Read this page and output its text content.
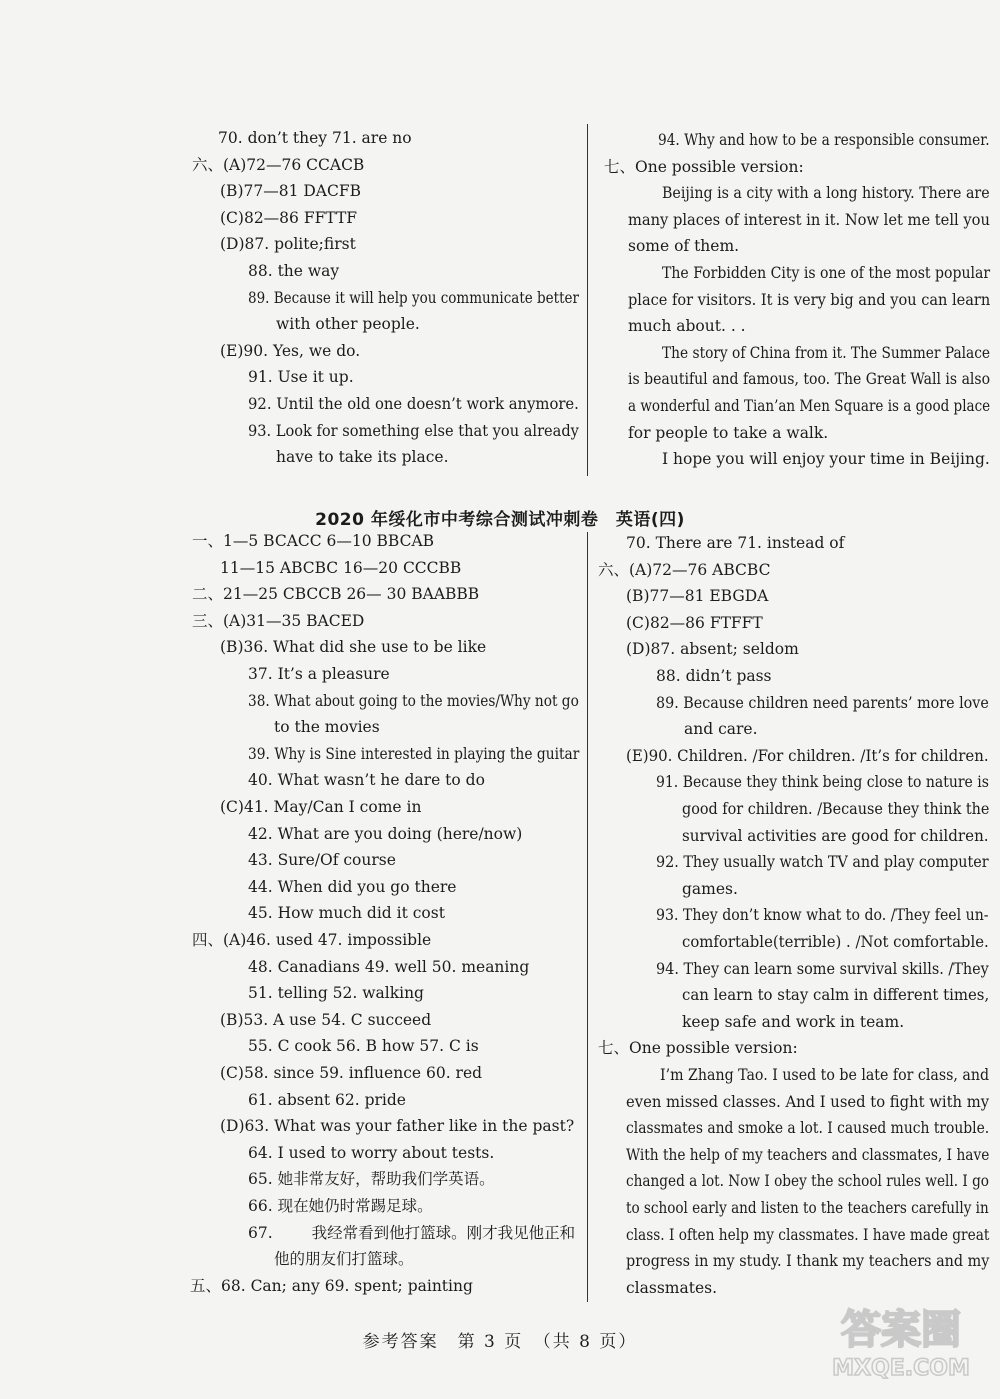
70. don’t they 71. are no
六、(A)72—76 CCACB
(B)77—81 DACFB
(C)82—86 FFTTF
(D)87. polite;first
88. the way
89. Because it will help you communicate better
with other people.
(E)90. Yes, we do.
91. Use it up.
92. Until the old one doesn’t work anymore.
93. Look for something else that you already
have to take its place.
94. Why and how to be a responsible consumer.
七、One possible version:
Beijing is a city with a long history. There are
many places of interest in it. Now let me tell you
some of them.
The Forbidden City is one of the most popular
place for visitors. It is very big and you can learn
much about. . .
The story of China from it. The Summer Palace
is beautiful and famous, too. The Great Wall is also
a wonderful and Tian’an Men Square is a good place
for people to take a walk.
I hope you will enjoy your time in Beijing.
2020 年绥化市中考综合测试冲刺卷　英语(四)
一、1—5 BCACC 6—10 BBCAB
11—15 ABCBC 16—20 CCCBB
二、21—25 CBCCB 26— 30 BAABBB
三、(A)31—35 BACED
(B)36. What did she use to be like
37. It’s a pleasure
38. What about going to the movies/Why not go
to the movies
39. Why is Sine interested in playing the guitar
40. What wasn’t he dare to do
(C)41. May/Can I come in
42. What are you doing (here/now)
43. Sure/Of course
44. When did you go there
45. How much did it cost
四、(A)46. used 47. impossible
48. Canadians 49. well 50. meaning
51. telling 52. walking
(B)53. A use 54. C succeed
55. C cook 56. B how 57. C is
(C)58. since 59. influence 60. red
61. absent 62. pride
(D)63. What was your father like in the past?
64. I used to worry about tests.
65. 她非常友好，帮助我们学英语。
66. 现在她仍时常踢足球。
67. 我经常看到他打篮球。刚才我见他正和
他的朋友们打篮球。
五、68. Can; any 69. spent; painting
70. There are 71. instead of
六、(A)72—76 ABCBC
(B)77—81 EBGDA
(C)82—86 FTFFT
(D)87. absent; seldom
88. didn’t pass
89. Because children need parents’ more love
and care.
(E)90. Children. /For children. /It’s for children.
91. Because they think being close to nature is
good for children. /Because they think the
survival activities are good for children.
92. They usually watch TV and play computer
games.
93. They don’t know what to do. /They feel un-
comfortable(terrible) . /Not comfortable.
94. They can learn some survival skills. /They
can learn to stay calm in different times,
keep safe and work in team.
七、One possible version:
I’m Zhang Tao. I used to be late for class, and
even missed classes. And I used to fight with my
classmates and smoke a lot. I caused much trouble.
With the help of my teachers and classmates, I have
changed a lot. Now I obey the school rules well. I go
to school early and listen to the teachers carefully in
class. I often help my classmates. I have made great
progress in my study. I thank my teachers and my
classmates.
参考答案　第 3 页　（共 8 页）	答案圈
MXQE.COM
